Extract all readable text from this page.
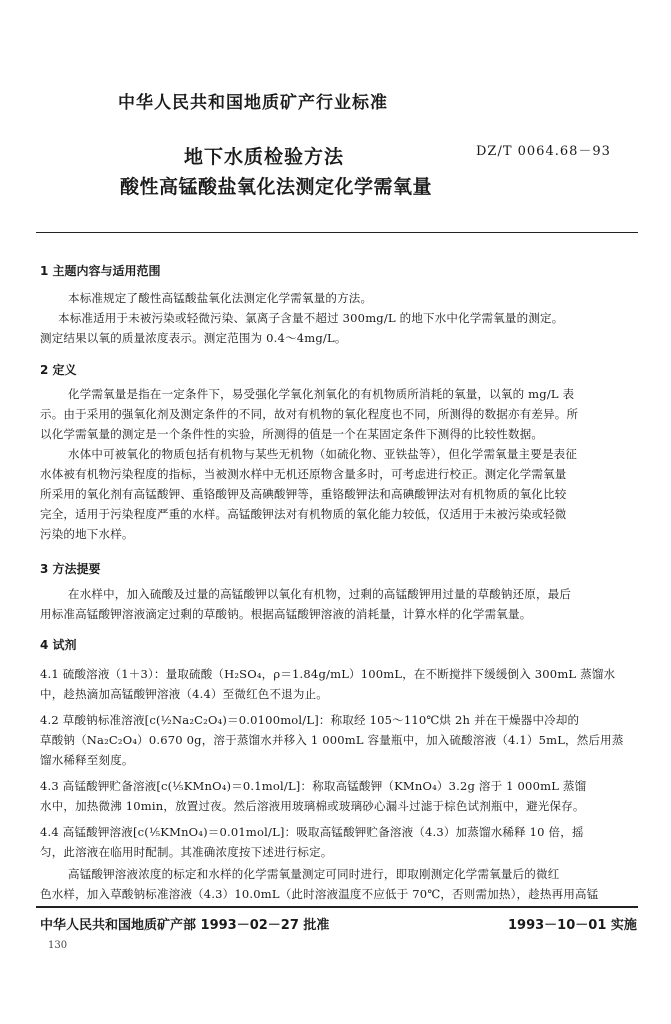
中华人民共和国地质矿产行业标准
DZ/T 0064.68－93
地下水质检验方法
酸性高锰酸盐氧化法测定化学需氧量
1 主题内容与适用范围
本标准规定了酸性高锰酸盐氧化法测定化学需氧量的方法。
本标准适用于未被污染或轻微污染、氯离子含量不超过 300mg/L 的地下水中化学需氧量的测定。
测定结果以氧的质量浓度表示。测定范围为 0.4～4mg/L。
2 定义
化学需氧量是指在一定条件下，易受强化学氧化剂氧化的有机物质所消耗的氧量，以氧的 mg/L 表
示。由于采用的强氧化剂及测定条件的不同，故对有机物的氧化程度也不同，所测得的数据亦有差异。所
以化学需氧量的测定是一个条件性的实验，所测得的值是一个在某固定条件下测得的比较性数据。
水体中可被氧化的物质包括有机物与某些无机物（如硫化物、亚铁盐等），但化学需氧量主要是表征
水体被有机物污染程度的指标，当被测水样中无机还原物含量多时，可考虑进行校正。测定化学需氧量
所采用的氧化剂有高锰酸钾、重铬酸钾及高碘酸钾等，重铬酸钾法和高碘酸钾法对有机物质的氧化比较
完全，适用于污染程度严重的水样。高锰酸钾法对有机物质的氧化能力较低，仅适用于未被污染或轻微
污染的地下水样。
3 方法提要
在水样中，加入硫酸及过量的高锰酸钾以氧化有机物，过剩的高锰酸钾用过量的草酸钠还原，最后
用标准高锰酸钾溶液滴定过剩的草酸钠。根据高锰酸钾溶液的消耗量，计算水样的化学需氧量。
4 试剂
4.1 硫酸溶液（1＋3）：量取硫酸（H₂SO₄，ρ＝1.84g/mL）100mL，在不断搅拌下缓缓倒入 300mL 蒸馏水
中，趁热滴加高锰酸钾溶液（4.4）至微红色不退为止。
4.2 草酸钠标准溶液[c(½Na₂C₂O₄)＝0.0100mol/L]：称取经 105～110℃烘 2h 并在干燥器中冷却的
草酸钠（Na₂C₂O₄）0.670 0g，溶于蒸馏水并移入 1 000mL 容量瓶中，加入硫酸溶液（4.1）5mL，然后用蒸
馏水稀释至刻度。
4.3 高锰酸钾贮备溶液[c(⅕KMnO₄)＝0.1mol/L]：称取高锰酸钾（KMnO₄）3.2g 溶于 1 000mL 蒸馏
水中，加热微沸 10min，放置过夜。然后溶液用玻璃棉或玻璃砂心漏斗过滤于棕色试剂瓶中，避光保存。
4.4 高锰酸钾溶液[c(⅕KMnO₄)＝0.01mol/L]：吸取高锰酸钾贮备溶液（4.3）加蒸馏水稀释 10 倍，摇
匀，此溶液在临用时配制。其准确浓度按下述进行标定。
高锰酸钾溶液浓度的标定和水样的化学需氧量测定可同时进行，即取刚测定化学需氧量后的微红
色水样，加入草酸钠标准溶液（4.3）10.0mL（此时溶液温度不应低于 70℃，否则需加热），趁热再用高锰
中华人民共和国地质矿产部 1993－02－27 批准	1993－10－01 实施
130
